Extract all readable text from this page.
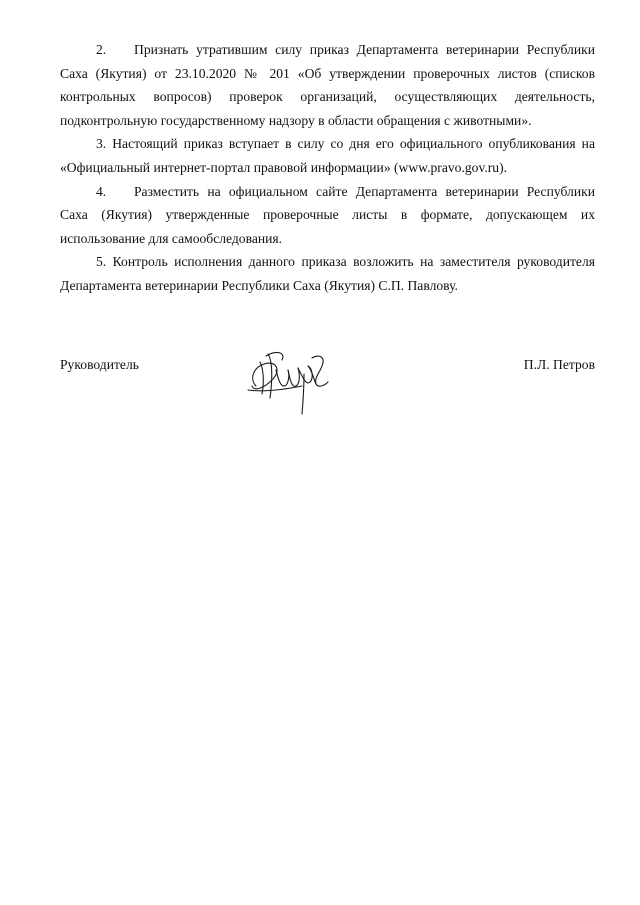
2. Признать утратившим силу приказ Департамента ветеринарии Республики Саха (Якутия) от 23.10.2020 № 201 «Об утверждении проверочных листов (списков контрольных вопросов) проверок организаций, осуществляющих деятельность, подконтрольную государственному надзору в области обращения с животными».

3. Настоящий приказ вступает в силу со дня его официального опубликования на «Официальный интернет-портал правовой информации» (www.pravo.gov.ru).

4. Разместить на официальном сайте Департамента ветеринарии Республики Саха (Якутия) утвержденные проверочные листы в формате, допускающем их использование для самообследования.

5. Контроль исполнения данного приказа возложить на заместителя руководителя Департамента ветеринарии Республики Саха (Якутия) С.П. Павлову.

Руководитель	П.Л. Петров
